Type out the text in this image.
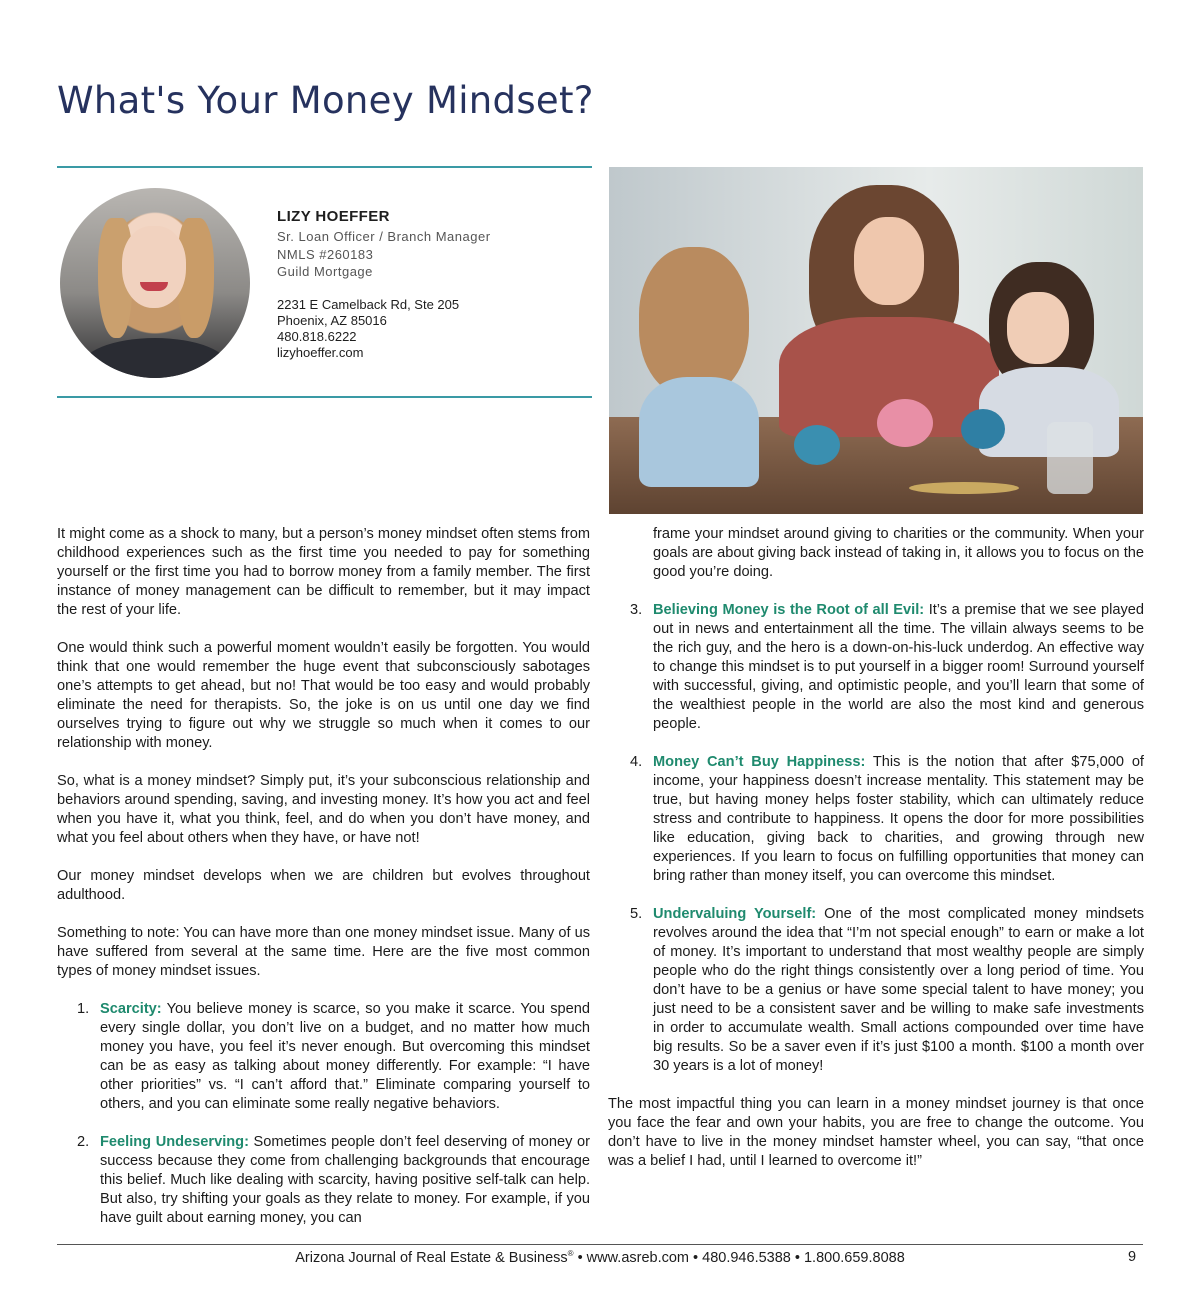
What's Your Money Mindset?
LIZY HOEFFER
Sr. Loan Officer / Branch Manager
NMLS #260183
Guild Mortgage
2231 E Camelback Rd, Ste 205
Phoenix, AZ 85016
480.818.6222
lizyhoeffer.com

It might come as a shock to many, but a person’s money mindset often stems from childhood experiences such as the first time you needed to pay for something yourself or the first time you had to borrow money from a family member. The first instance of money management can be difficult to remember, but it may impact the rest of your life.

One would think such a powerful moment wouldn’t easily be forgotten. You would think that one would remember the huge event that subconsciously sabotages one’s attempts to get ahead, but no! That would be too easy and would probably eliminate the need for therapists. So, the joke is on us until one day we find ourselves trying to figure out why we struggle so much when it comes to our relationship with money.

So, what is a money mindset? Simply put, it’s your subconscious relationship and behaviors around spending, saving, and investing money. It’s how you act and feel when you have it, what you think, feel, and do when you don’t have money, and what you feel about others when they have, or have not!

Our money mindset develops when we are children but evolves throughout adulthood.

Something to note: You can have more than one money mindset issue. Many of us have suffered from several at the same time. Here are the five most common types of money mindset issues.

1. Scarcity: You believe money is scarce, so you make it scarce. You spend every single dollar, you don’t live on a budget, and no matter how much money you have, you feel it’s never enough. But overcoming this mindset can be as easy as talking about money differently. For example: “I have other priorities” vs. “I can’t afford that.” Eliminate comparing yourself to others, and you can eliminate some really negative behaviors.
2. Feeling Undeserving: Sometimes people don’t feel deserving of money or success because they come from challenging backgrounds that encourage this belief. Much like dealing with scarcity, having positive self-talk can help. But also, try shifting your goals as they relate to money. For example, if you have guilt about earning money, you can

frame your mindset around giving to charities or the community. When your goals are about giving back instead of taking in, it allows you to focus on the good you’re doing.

3. Believing Money is the Root of all Evil: It’s a premise that we see played out in news and entertainment all the time. The villain always seems to be the rich guy, and the hero is a down-on-his-luck underdog. An effective way to change this mindset is to put yourself in a bigger room! Surround yourself with successful, giving, and optimistic people, and you’ll learn that some of the wealthiest people in the world are also the most kind and generous people.
4. Money Can’t Buy Happiness: This is the notion that after $75,000 of income, your happiness doesn’t increase mentality. This statement may be true, but having money helps foster stability, which can ultimately reduce stress and contribute to happiness. It opens the door for more possibilities like education, giving back to charities, and growing through new experiences. If you learn to focus on fulfilling opportunities that money can bring rather than money itself, you can overcome this mindset.
5. Undervaluing Yourself: One of the most complicated money mindsets revolves around the idea that “I’m not special enough” to earn or make a lot of money. It’s important to understand that most wealthy people are simply people who do the right things consistently over a long period of time. You don’t have to be a genius or have some special talent to have money; you just need to be a consistent saver and be willing to make safe investments in order to accumulate wealth. Small actions compounded over time have big results. So be a saver even if it’s just $100 a month. $100 a month over 30 years is a lot of money!

The most impactful thing you can learn in a money mindset journey is that once you face the fear and own your habits, you are free to change the outcome. You don’t have to live in the money mindset hamster wheel, you can say, “that once was a belief I had, until I learned to overcome it!”

Arizona Journal of Real Estate & Business® • www.asreb.com • 480.946.5388 • 1.800.659.8088	9
